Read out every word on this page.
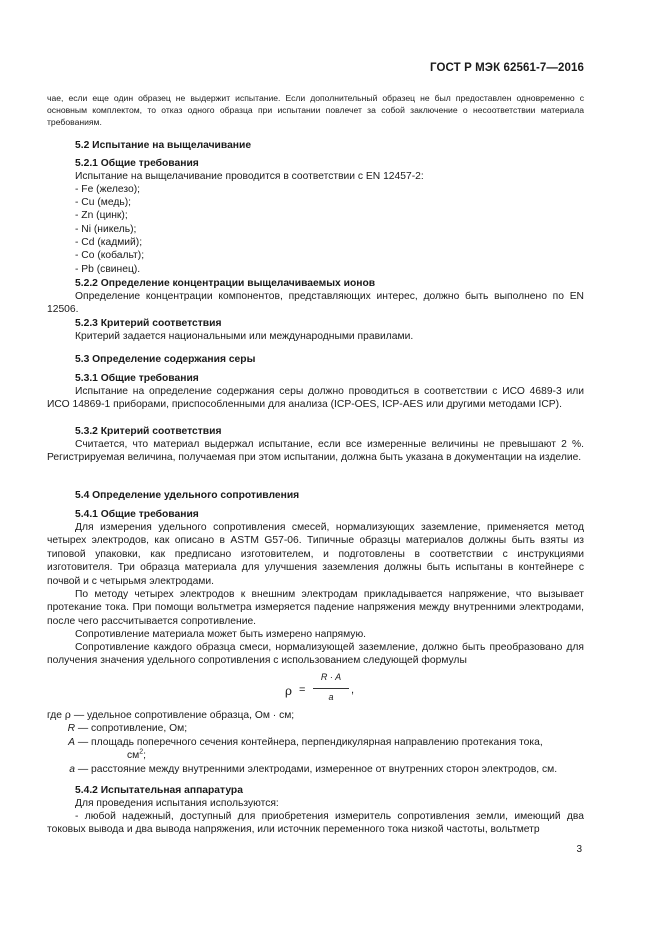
ГОСТ Р МЭК 62561-7—2016

чае, если еще один образец не выдержит испытание. Если дополнительный образец не был предоставлен одновременно с основным комплектом, то отказ одного образца при испытании повлечет за собой заключение о несоответствии материала требованиям.

5.2 Испытание на выщелачивание

5.2.1 Общие требования

Испытание на выщелачивание проводится в соответствии с EN 12457-2:

- Fe (железо);

- Cu (медь);

- Zn (цинк);

- Ni (никель);

- Cd (кадмий);

- Co (кобальт);

- Pb (свинец).

5.2.2 Определение концентрации выщелачиваемых ионов

Определение концентрации компонентов, представляющих интерес, должно быть выполнено по EN 12506.

5.2.3 Критерий соответствия

Критерий задается национальными или международными правилами.

5.3 Определение содержания серы

5.3.1 Общие требования

Испытание на определение содержания серы должно проводиться в соответствии с ИСО 4689-3 или ИСО 14869-1 приборами, приспособленными для анализа (ICP-OES, ICP-AES или другими методами ICP).

5.3.2 Критерий соответствия

Считается, что материал выдержал испытание, если все измеренные величины не превышают 2 %. Регистрируемая величина, получаемая при этом испытании, должна быть указана в документации на изделие.

5.4 Определение удельного сопротивления

5.4.1 Общие требования

Для измерения удельного сопротивления смесей, нормализующих заземление, применяется метод четырех электродов, как описано в ASTM G57-06. Типичные образцы материалов должны быть взяты из типовой упаковки, как предписано изготовителем, и подготовлены в соответствии с инструкциями изготовителя. Три образца материала для улучшения заземления должны быть испытаны в контейнере с почвой и с четырьмя электродами.

По методу четырех электродов к внешним электродам прикладывается напряжение, что вызывает протекание тока. При помощи вольтметра измеряется падение напряжения между внутренними электродами, после чего рассчитывается сопротивление.

Сопротивление материала может быть измерено напрямую.

Сопротивление каждого образца смеси, нормализующей заземление, должно быть преобразовано для получения значения удельного сопротивления с использованием следующей формулы

ρ =
R · A
a
,

где ρ — удельное сопротивление образца, Ом · см;

R — сопротивление, Ом;

A — площадь поперечного сечения контейнера, перпендикулярная направлению протекания тока,

$см^2$;

a — расстояние между внутренними электродами, измеренное от внутренних сторон электродов, см.

5.4.2 Испытательная аппаратура

Для проведения испытания используются:

- любой надежный, доступный для приобретения измеритель сопротивления земли, имеющий два токовых вывода и два вывода напряжения, или источник переменного тока низкой частоты, вольтметр

3
